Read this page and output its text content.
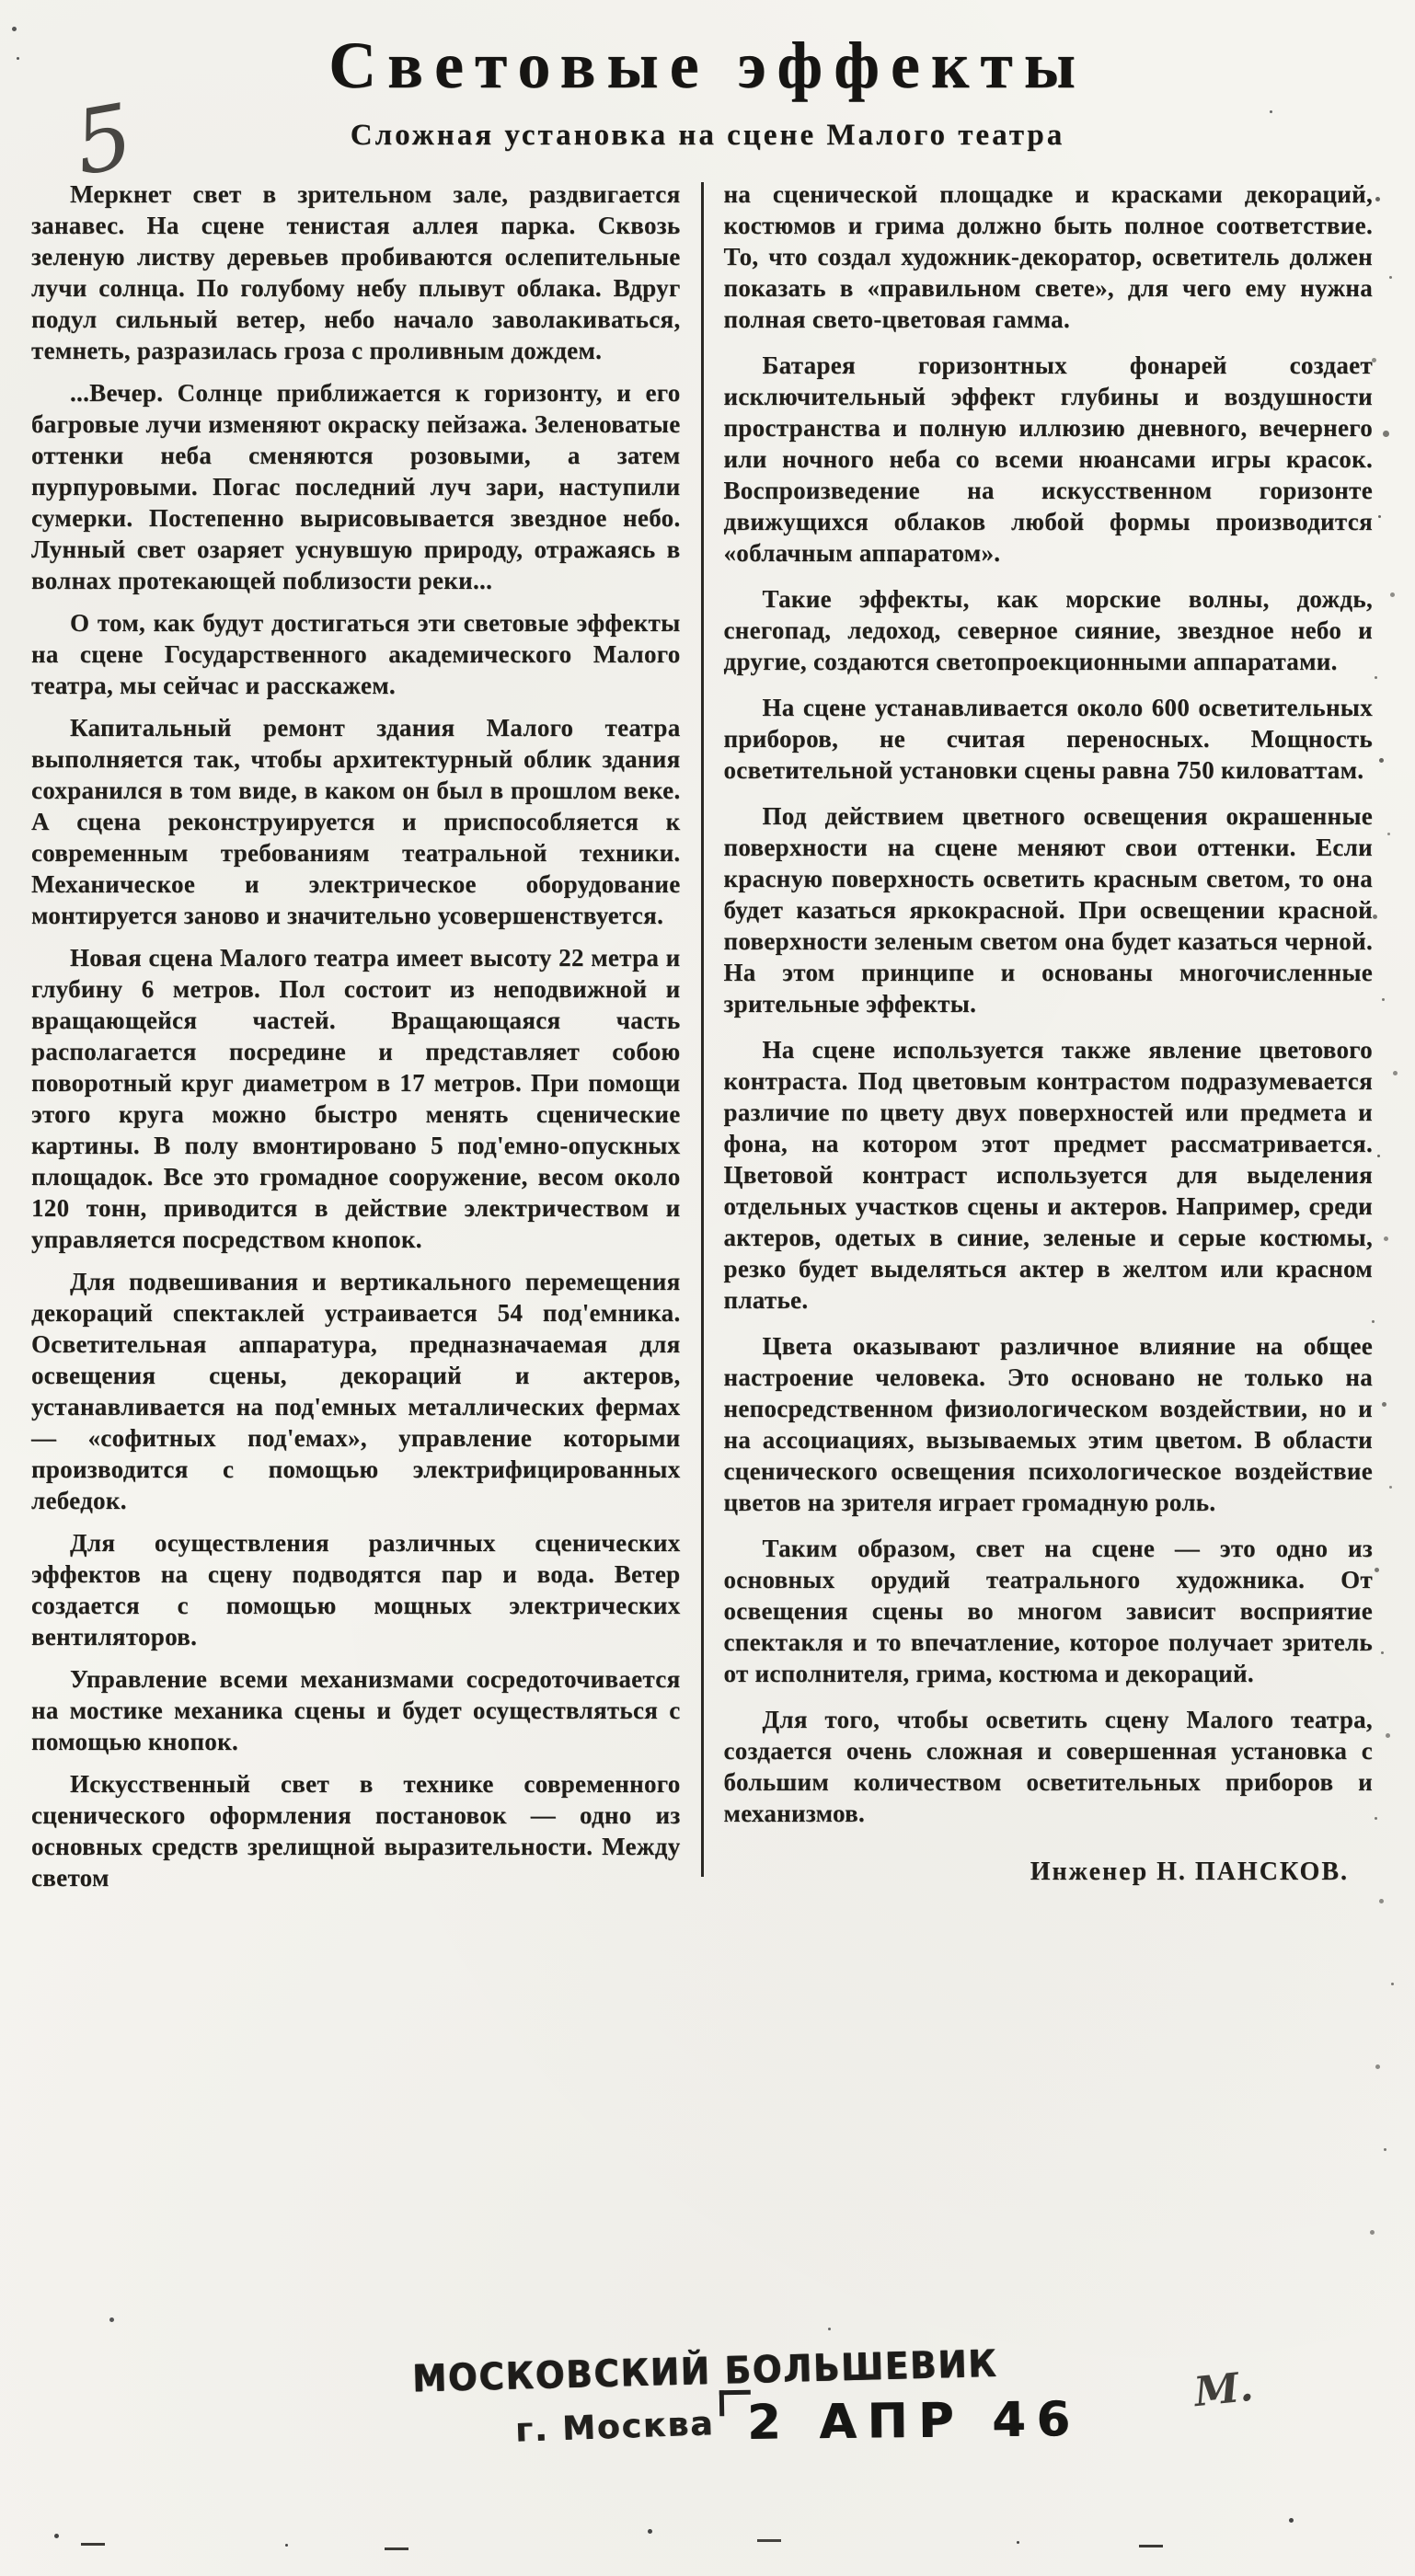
5
Световые эффекты
Сложная установка на сцене Малого театра

Меркнет свет в зрительном зале, раздвигается занавес. На сцене тенистая аллея парка. Сквозь зеленую листву деревьев пробиваются ослепительные лучи солнца. По голубому небу плывут облака. Вдруг подул сильный ветер, небо начало заволакиваться, темнеть, разразилась гроза с проливным дождем.

...Вечер. Солнце приближается к горизонту, и его багровые лучи изменяют окраску пейзажа. Зеленоватые оттенки неба сменяются розовыми, а затем пурпуровыми. Погас последний луч зари, наступили сумерки. Постепенно вырисовывается звездное небо. Лунный свет озаряет уснувшую природу, отражаясь в волнах протекающей поблизости реки...

О том, как будут достигаться эти световые эффекты на сцене Государственного академического Малого театра, мы сейчас и расскажем.

Капитальный ремонт здания Малого театра выполняется так, чтобы архитектурный облик здания сохранился в том виде, в каком он был в прошлом веке. А сцена реконструируется и приспособляется к современным требованиям театральной техники. Механическое и электрическое оборудование монтируется заново и значительно усовершенствуется.

Новая сцена Малого театра имеет высоту 22 метра и глубину 6 метров. Пол состоит из неподвижной и вращающейся частей. Вращающаяся часть располагается посредине и представляет собою поворотный круг диаметром в 17 метров. При помощи этого круга можно быстро менять сценические картины. В полу вмонтировано 5 под'емно-опускных площадок. Все это громадное сооружение, весом около 120 тонн, приводится в действие электричеством и управляется посредством кнопок.

Для подвешивания и вертикального перемещения декораций спектаклей устраивается 54 под'емника. Осветительная аппаратура, предназначаемая для освещения сцены, декораций и актеров, устанавливается на под'емных металлических фермах — «софитных под'емах», управление которыми производится с помощью электрифицированных лебедок.

Для осуществления различных сценических эффектов на сцену подводятся пар и вода. Ветер создается с помощью мощных электрических вентиляторов.

Управление всеми механизмами сосредоточивается на мостике механика сцены и будет осуществляться с помощью кнопок.

Искусственный свет в технике современного сценического оформления постановок — одно из основных средств зрелищной выразительности. Между светом

на сценической площадке и красками декораций, костюмов и грима должно быть полное соответствие. То, что создал художник-декоратор, осветитель должен показать в «правильном свете», для чего ему нужна полная свето-цветовая гамма.

Батарея горизонтных фонарей создает исключительный эффект глубины и воздушности пространства и полную иллюзию дневного, вечернего или ночного неба со всеми нюансами игры красок. Воспроизведение на искусственном горизонте движущихся облаков любой формы производится «облачным аппаратом».

Такие эффекты, как морские волны, дождь, снегопад, ледоход, северное сияние, звездное небо и другие, создаются светопроекционными аппаратами.

На сцене устанавливается около 600 осветительных приборов, не считая переносных. Мощность осветительной установки сцены равна 750 киловаттам.

Под действием цветного освещения окрашенные поверхности на сцене меняют свои оттенки. Если красную поверхность осветить красным светом, то она будет казаться яркокрасной. При освещении красной поверхности зеленым светом она будет казаться черной. На этом принципе и основаны многочисленные зрительные эффекты.

На сцене используется также явление цветового контраста. Под цветовым контрастом подразумевается различие по цвету двух поверхностей или предмета и фона, на котором этот предмет рассматривается. Цветовой контраст используется для выделения отдельных участков сцены и актеров. Например, среди актеров, одетых в синие, зеленые и серые костюмы, резко будет выделяться актер в желтом или красном платье.

Цвета оказывают различное влияние на общее настроение человека. Это основано не только на непосредственном физиологическом воздействии, но и на ассоциациях, вызываемых этим цветом. В области сценического освещения психологическое воздействие цветов на зрителя играет громадную роль.

Таким образом, свет на сцене — это одно из основных орудий театрального художника. От освещения сцены во многом зависит восприятие спектакля и то впечатление, которое получает зритель от исполнителя, грима, костюма и декораций.

Для того, чтобы осветить сцену Малого театра, создается очень сложная и совершенная установка с большим количеством осветительных приборов и механизмов.

Инженер Н. ПАНСКОВ.
МОСКОВСКИЙ БОЛЬШЕВИК
г. Москва 2 АПР 46
М.
